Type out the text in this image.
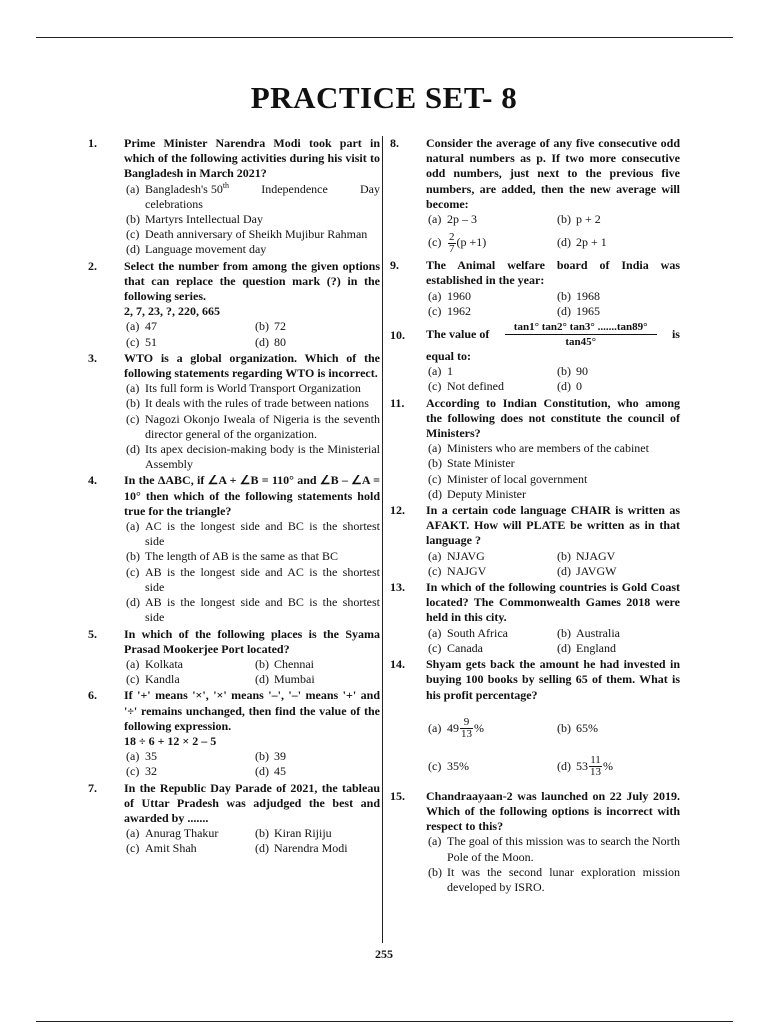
PRACTICE SET- 8
1. Prime Minister Narendra Modi took part in which of the following activities during his visit to Bangladesh in March 2021?
(a) Bangladesh's 50th	Independence	Day
celebrations
(b) Martyrs Intellectual Day
(c) Death anniversary of Sheikh Mujibur Rahman
(d) Language movement day
2. Select the number from among the given options that can replace the question mark (?) in the following series.
2, 7, 23, ?, 220, 665
(a) 47	(b) 72
(c) 51	(d) 80
3. WTO is a global organization. Which of the following statements regarding WTO is incorrect.
(a) Its full form is World Transport Organization
(b) It deals with the rules of trade between nations
(c) Nagozi Okonjo Iweala of Nigeria is the seventh director general of the organization.
(d) Its apex decision-making body is the Ministerial Assembly
4. In the ΔABC, if ∠A + ∠B = 110° and ∠B – ∠A = 10° then which of the following statements hold true for the triangle?
(a) AC is the longest side and BC is the shortest side
(b) The length of AB is the same as that BC
(c) AB is the longest side and AC is the shortest side
(d) AB is the longest side and BC is the shortest side
5. In which of the following places is the Syama Prasad Mookerjee Port located?
(a) Kolkata	(b) Chennai
(c) Kandla	(d) Mumbai
6. If '+' means '×', '×' means '–', '–' means '+' and '÷' remains unchanged, then find the value of the following expression.
18 ÷ 6 + 12 × 2 – 5
(a) 35	(b) 39
(c) 32	(d) 45
7. In the Republic Day Parade of 2021, the tableau of Uttar Pradesh was adjudged the best and awarded by .......
(a) Anurag Thakur	(b) Kiran Rijiju
(c) Amit Shah	(d) Narendra Modi
8. Consider the average of any five consecutive odd natural numbers as p. If two more consecutive odd numbers, just next to the previous five numbers, are added, then the new average will become:
(a) 2p – 3	(b) p + 2
$(c) \frac{2}{7} (p +1)$	(d) 2p + 1
9. The Animal welfare board of India was established in the year:
(a) 1960	(b) 1968
(c) 1962	(d) 1965
10. The value of $\frac{\tan 1^\circ \tan 2^\circ \tan 3^\circ .......\tan 89^\circ}{\tan 45^\circ}$ is
equal to:
(a) 1	(b) 90
(c) Not defined	(d) 0
11. According to Indian Constitution, who among the following does not constitute the council of Ministers?
(a) Ministers who are members of the cabinet
(b) State Minister
(c) Minister of local government
(d) Deputy Minister
12. In a certain code language CHAIR is written as AFAKT. How will PLATE be written as in that language ?
(a) NJAVG	(b) NJAGV
(c) NAJGV	(d) JAVGW
13. In which of the following countries is Gold Coast located? The Commonwealth Games 2018 were held in this city.
(a) South Africa	(b) Australia
(c) Canada	(d) England
14. Shyam gets back the amount he had invested in buying 100 books by selling 65 of them. What is his profit percentage?
(a) $49 \frac{9}{13}$ %	(b) 65%
(c) 35%	(d) $53 \frac{11}{13}$ %
15. Chandraayaan-2 was launched on 22 July 2019. Which of the following options is incorrect with respect to this?
(a) The goal of this mission was to search the North Pole of the Moon.
(b) It was the second lunar exploration mission developed by ISRO.
255
